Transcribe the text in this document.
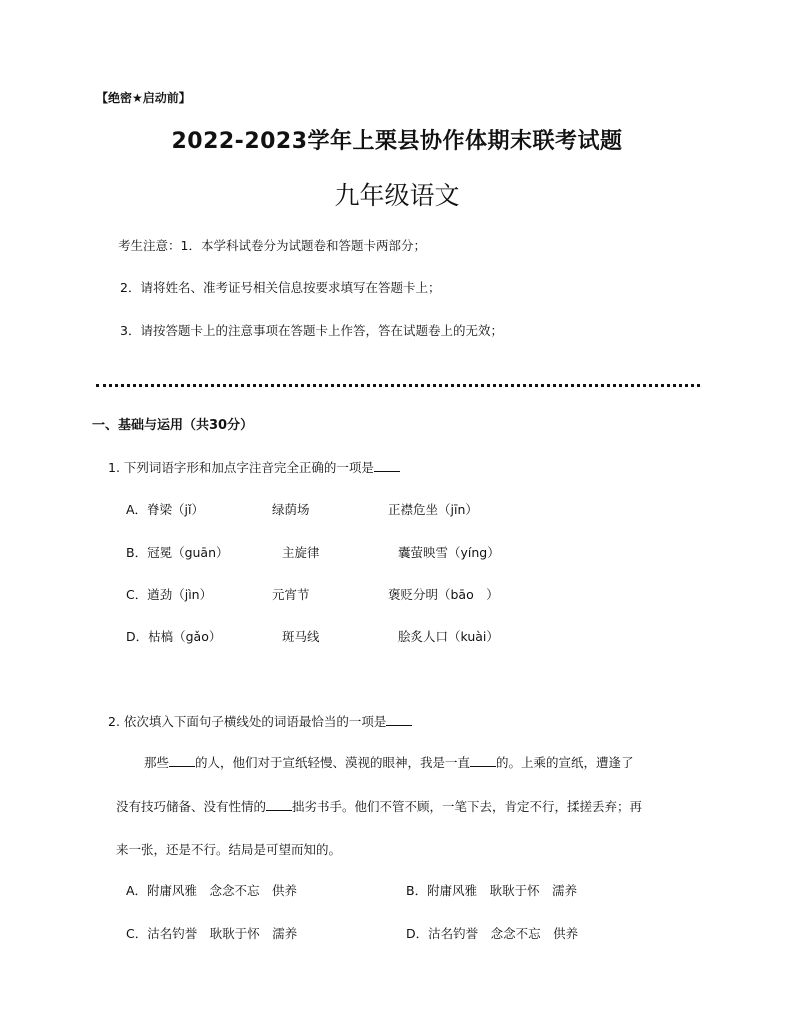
【绝密★启动前】
2022-2023学年上栗县协作体期末联考试题
九年级语文
考生注意：1．本学科试卷分为试题卷和答题卡两部分；
2．请将姓名、准考证号相关信息按要求填写在答题卡上；
3．请按答题卡上的注意事项在答题卡上作答，答在试题卷上的无效；
一、基础与运用（共30分）
1. 下列词语字形和加点字注音完全正确的一项是
A．脊梁（jǐ）	绿荫场	正襟危坐（jīn）
B．冠冕（guān）	主旋律	囊萤映雪（yíng）
C．遒劲（jìn）	元宵节	褒贬分明（bāo　）
D．枯槁（gǎo）	斑马线	脍炙人口（kuài）
2. 依次填入下面句子横线处的词语最恰当的一项是
那些 的人，他们对于宣纸轻慢、漠视的眼神，我是一直 的。上乘的宣纸，遭逢了
没有技巧储备、没有性情的 拙劣书手。他们不管不顾，一笔下去，肯定不行，揉搓丢弃；再
来一张，还是不行。结局是可望而知的。
A．附庸风雅　念念不忘　供养	B．附庸风雅　耿耿于怀　濡养
C．沽名钓誉　耿耿于怀　濡养	D．沽名钓誉　念念不忘　供养
